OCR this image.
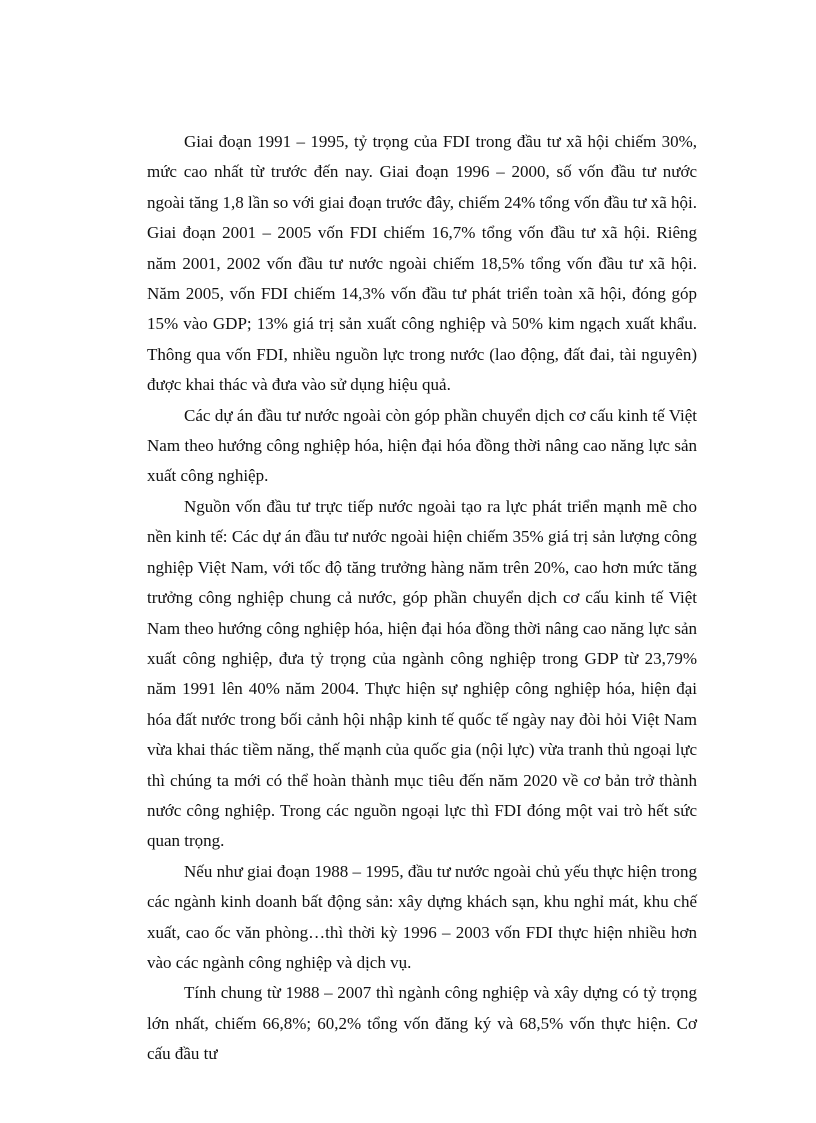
Giai đoạn 1991 – 1995, tỷ trọng của FDI trong đầu tư xã hội chiếm 30%, mức cao nhất từ trước đến nay. Giai đoạn 1996 – 2000, số vốn đầu tư nước ngoài tăng 1,8 lần so với giai đoạn trước đây, chiếm 24% tổng vốn đầu tư xã hội. Giai đoạn 2001 – 2005 vốn FDI chiếm 16,7% tổng vốn đầu tư xã hội. Riêng năm 2001, 2002 vốn đầu tư nước ngoài chiếm 18,5% tổng vốn đầu tư xã hội. Năm 2005, vốn FDI chiếm 14,3% vốn đầu tư phát triển toàn xã hội, đóng góp 15% vào GDP; 13% giá trị sản xuất công nghiệp và 50% kim ngạch xuất khẩu. Thông qua vốn FDI, nhiều nguồn lực trong nước (lao động, đất đai, tài nguyên) được khai thác và đưa vào sử dụng hiệu quả.

Các dự án đầu tư nước ngoài còn góp phần chuyển dịch cơ cấu kinh tế Việt Nam theo hướng công nghiệp hóa, hiện đại hóa đồng thời nâng cao năng lực sản xuất công nghiệp.

Nguồn vốn đầu tư trực tiếp nước ngoài tạo ra lực phát triển mạnh mẽ cho nền kinh tế: Các dự án đầu tư nước ngoài hiện chiếm 35% giá trị sản lượng công nghiệp Việt Nam, với tốc độ tăng trưởng hàng năm trên 20%, cao hơn mức tăng trưởng công nghiệp chung cả nước, góp phần chuyển dịch cơ cấu kinh tế Việt Nam theo hướng công nghiệp hóa, hiện đại hóa đồng thời nâng cao năng lực sản xuất công nghiệp, đưa tỷ trọng của ngành công nghiệp trong GDP từ 23,79% năm 1991 lên 40% năm 2004. Thực hiện sự nghiệp công nghiệp hóa, hiện đại hóa đất nước trong bối cảnh hội nhập kinh tế quốc tế ngày nay đòi hỏi Việt Nam vừa khai thác tiềm năng, thế mạnh của quốc gia (nội lực) vừa tranh thủ ngoại lực thì chúng ta mới có thể hoàn thành mục tiêu đến năm 2020 về cơ bản trở thành nước công nghiệp. Trong các nguồn ngoại lực thì FDI đóng một vai trò hết sức quan trọng.

Nếu như giai đoạn 1988 – 1995, đầu tư nước ngoài chủ yếu thực hiện trong các ngành kinh doanh bất động sản: xây dựng khách sạn, khu nghỉ mát, khu chế xuất, cao ốc văn phòng…thì thời kỳ 1996 – 2003 vốn FDI thực hiện nhiều hơn vào các ngành công nghiệp và dịch vụ.

Tính chung từ 1988 – 2007 thì ngành công nghiệp và xây dựng có tỷ trọng lớn nhất, chiếm 66,8%; 60,2% tổng vốn đăng ký và 68,5% vốn thực hiện. Cơ cấu đầu tư
